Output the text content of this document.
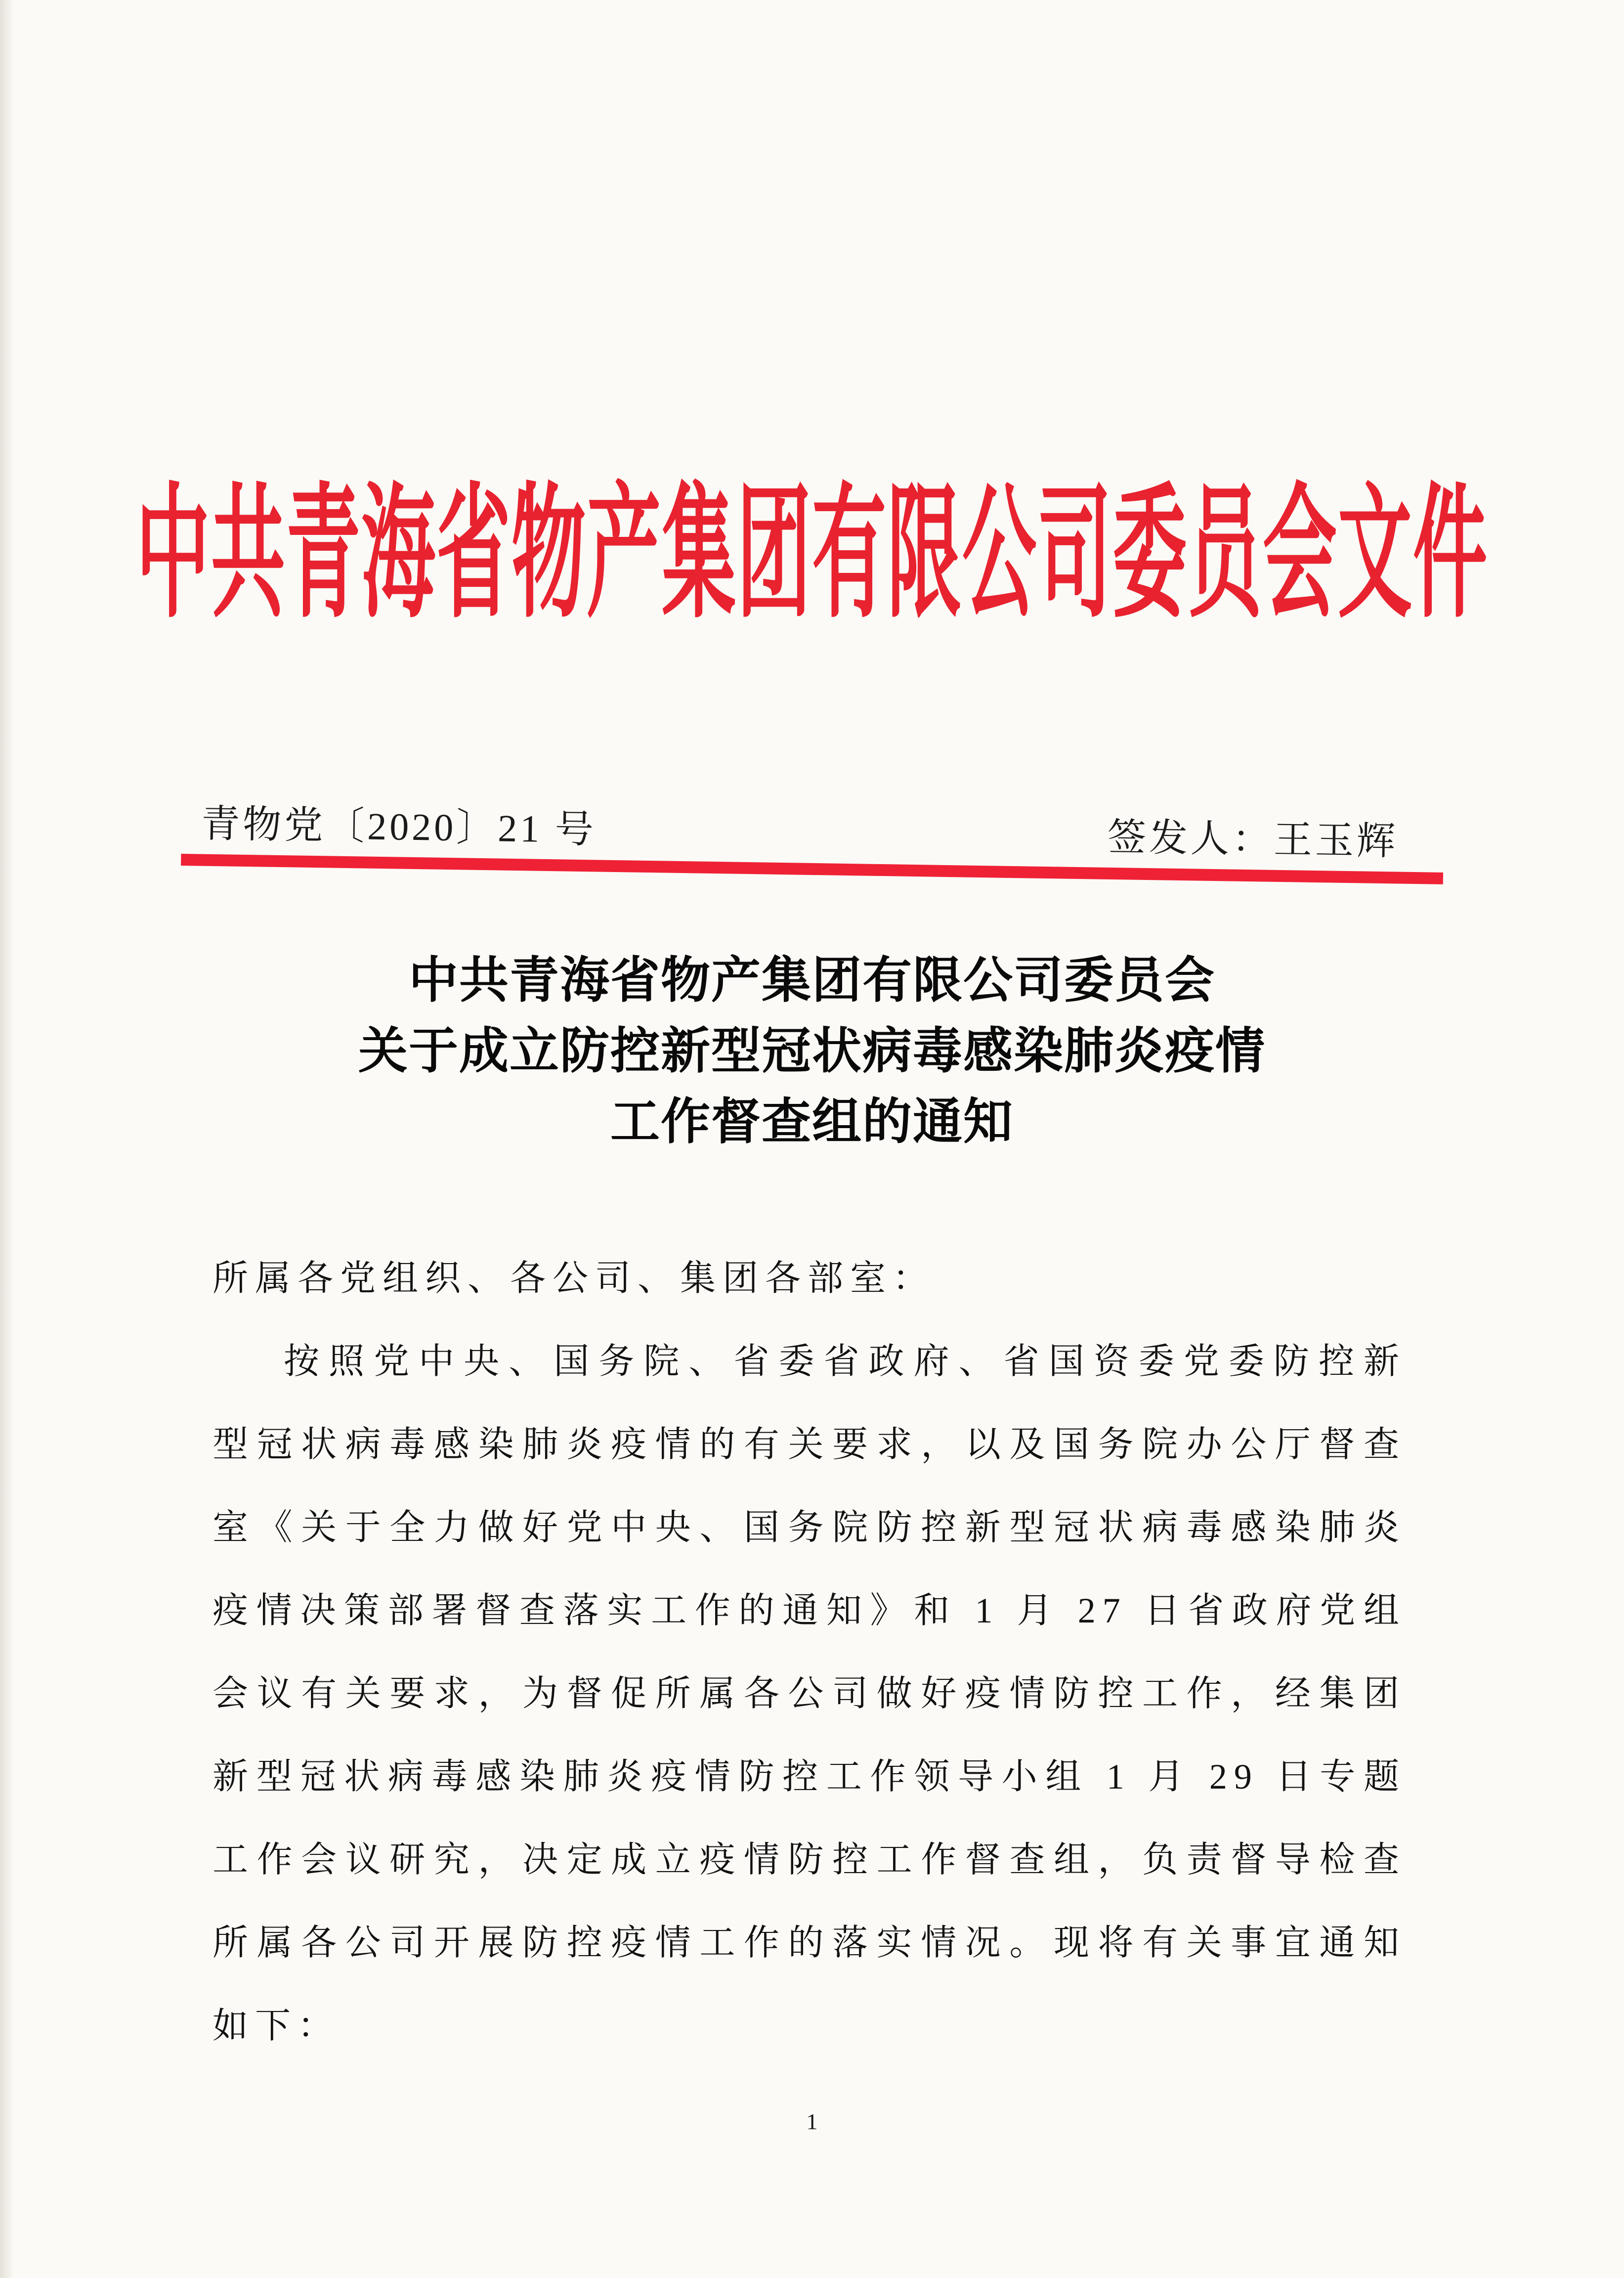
中共青海省物产集团有限公司委员会文件
青物党〔2020〕21 号	签发人：王玉辉
中共青海省物产集团有限公司委员会
关于成立防控新型冠状病毒感染肺炎疫情
工作督查组的通知
所属各党组织、各公司、集团各部室：
按照党中央、国务院、省委省政府、省国资委党委防控新
型冠状病毒感染肺炎疫情的有关要求，以及国务院办公厅督查
室《关于全力做好党中央、国务院防控新型冠状病毒感染肺炎
疫情决策部署督查落实工作的通知》和 1 月 27 日省政府党组
会议有关要求，为督促所属各公司做好疫情防控工作，经集团
新型冠状病毒感染肺炎疫情防控工作领导小组 1 月 29 日专题
工作会议研究，决定成立疫情防控工作督查组，负责督导检查
所属各公司开展防控疫情工作的落实情况。现将有关事宜通知
如下：
1
